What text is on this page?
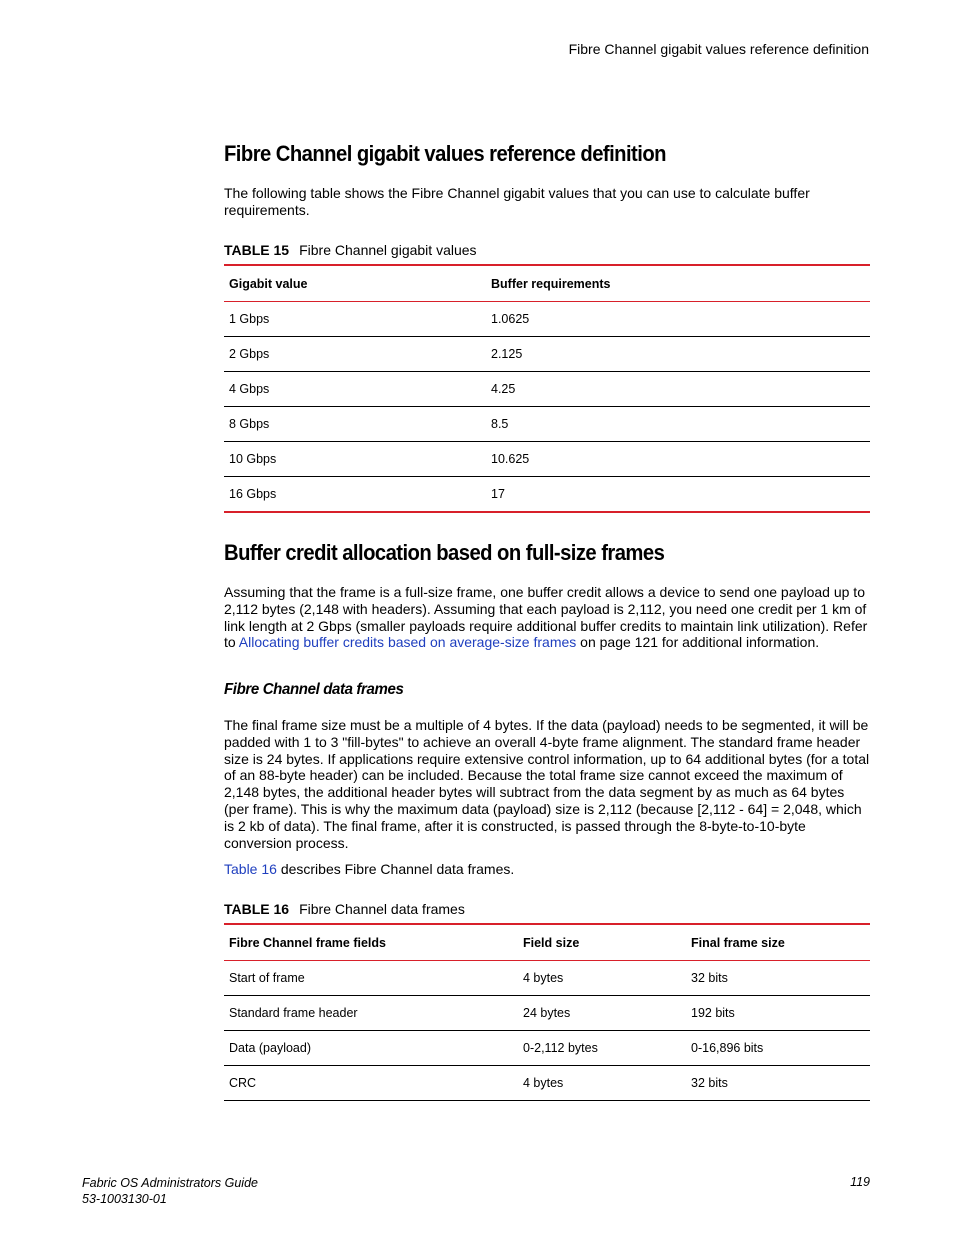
Fibre Channel gigabit values reference definition
Fibre Channel gigabit values reference definition

The following table shows the Fibre Channel gigabit values that you can use to calculate buffer requirements.

TABLE 15 Fibre Channel gigabit values
Gigabit value	Buffer requirements
1 Gbps	1.0625
2 Gbps	2.125
4 Gbps	4.25
8 Gbps	8.5
10 Gbps	10.625
16 Gbps	17
Buffer credit allocation based on full-size frames

Assuming that the frame is a full-size frame, one buffer credit allows a device to send one payload up to 2,112 bytes (2,148 with headers). Assuming that each payload is 2,112, you need one credit per 1 km of link length at 2 Gbps (smaller payloads require additional buffer credits to maintain link utilization). Refer to Allocating buffer credits based on average-size frames on page 121 for additional information.

Fibre Channel data frames

The final frame size must be a multiple of 4 bytes. If the data (payload) needs to be segmented, it will be padded with 1 to 3 "fill-bytes" to achieve an overall 4-byte frame alignment. The standard frame header size is 24 bytes. If applications require extensive control information, up to 64 additional bytes (for a total of an 88-byte header) can be included. Because the total frame size cannot exceed the maximum of 2,148 bytes, the additional header bytes will subtract from the data segment by as much as 64 bytes (per frame). This is why the maximum data (payload) size is 2,112 (because [2,112 - 64] = 2,048, which is 2 kb of data). The final frame, after it is constructed, is passed through the 8-byte-to-10-byte conversion process.

Table 16 describes Fibre Channel data frames.

TABLE 16 Fibre Channel data frames
Fibre Channel frame fields	Field size	Final frame size
Start of frame	4 bytes	32 bits
Standard frame header	24 bytes	192 bits
Data (payload)	0-2,112 bytes	0-16,896 bits
CRC	4 bytes	32 bits
Fabric OS Administrators Guide
53-1003130-01
119
